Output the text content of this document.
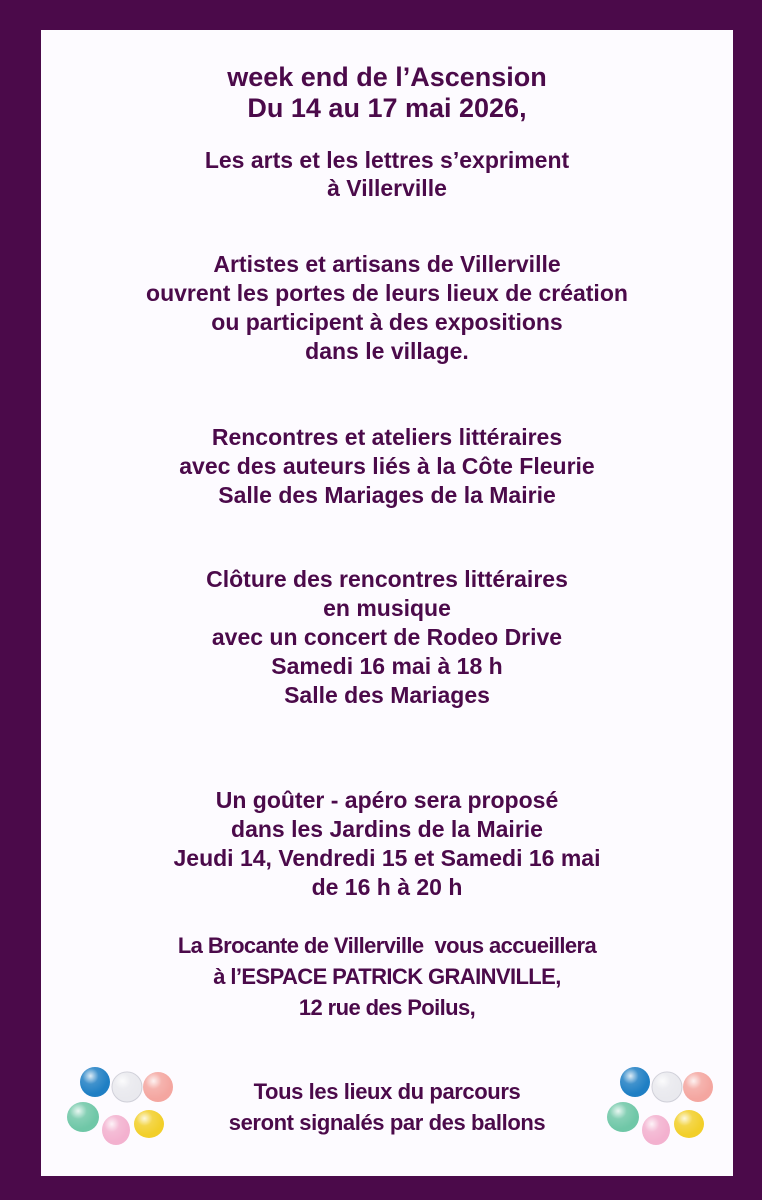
week end de l’Ascension
Du 14 au 17 mai 2026,
Les arts et les lettres s’expriment
à Villerville

Artistes et artisans de Villerville
ouvrent les portes de leurs lieux de création
ou participent à des expositions
dans le village.

Rencontres et ateliers littéraires
avec des auteurs liés à la Côte Fleurie
Salle des Mariages de la Mairie

Clôture des rencontres littéraires
en musique
avec un concert de Rodeo Drive
Samedi 16 mai à 18 h
Salle des Mariages

Un goûter - apéro sera proposé
dans les Jardins de la Mairie
Jeudi 14, Vendredi 15 et Samedi 16 mai
de 16 h à 20 h

La Brocante de Villerville  vous accueillera
à l’ESPACE PATRICK GRAINVILLE,
12 rue des Poilus,

Tous les lieux du parcours
seront signalés par des ballons
